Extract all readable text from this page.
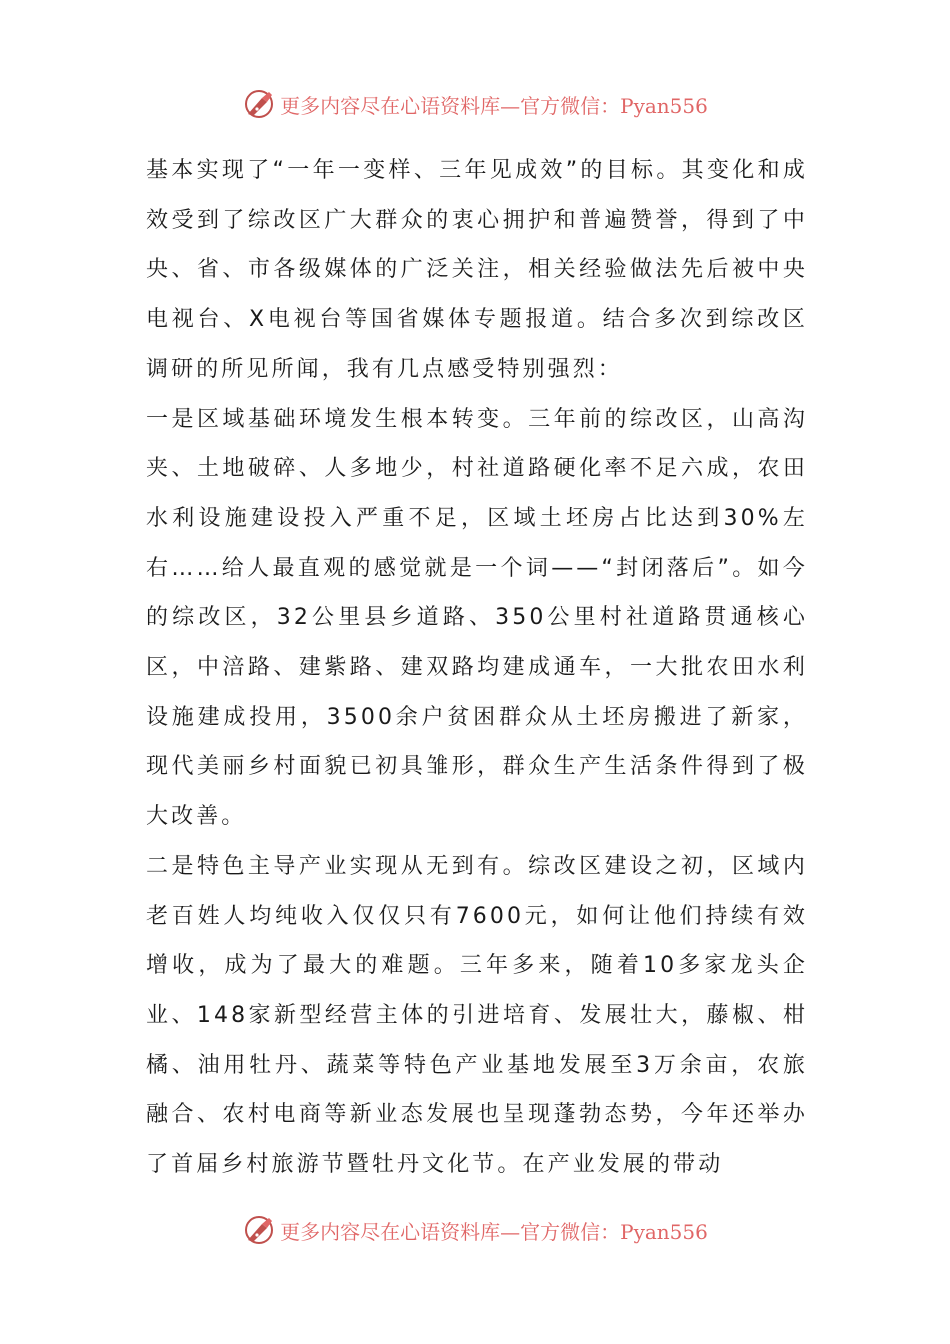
更多内容尽在心语资料库—官方微信：Pyan556

基本实现了“一年一变样、三年见成效”的目标。其变化和成效受到了综改区广大群众的衷心拥护和普遍赞誉，得到了中央、省、市各级媒体的广泛关注，相关经验做法先后被中央电视台、X电视台等国省媒体专题报道。结合多次到综改区调研的所见所闻，我有几点感受特别强烈：

一是区域基础环境发生根本转变。三年前的综改区，山高沟夹、土地破碎、人多地少，村社道路硬化率不足六成，农田水利设施建设投入严重不足，区域土坯房占比达到30%左右……给人最直观的感觉就是一个词——“封闭落后”。如今的综改区，32公里县乡道路、350公里村社道路贯通核心区，中涪路、建紫路、建双路均建成通车，一大批农田水利设施建成投用，3500余户贫困群众从土坯房搬进了新家，现代美丽乡村面貌已初具雏形，群众生产生活条件得到了极大改善。

二是特色主导产业实现从无到有。综改区建设之初，区域内老百姓人均纯收入仅仅只有7600元，如何让他们持续有效增收，成为了最大的难题。三年多来，随着10多家龙头企业、148家新型经营主体的引进培育、发展壮大，藤椒、柑橘、油用牡丹、蔬菜等特色产业基地发展至3万余亩，农旅融合、农村电商等新业态发展也呈现蓬勃态势，今年还举办了首届乡村旅游节暨牡丹文化节。在产业发展的带动

更多内容尽在心语资料库—官方微信：Pyan556
